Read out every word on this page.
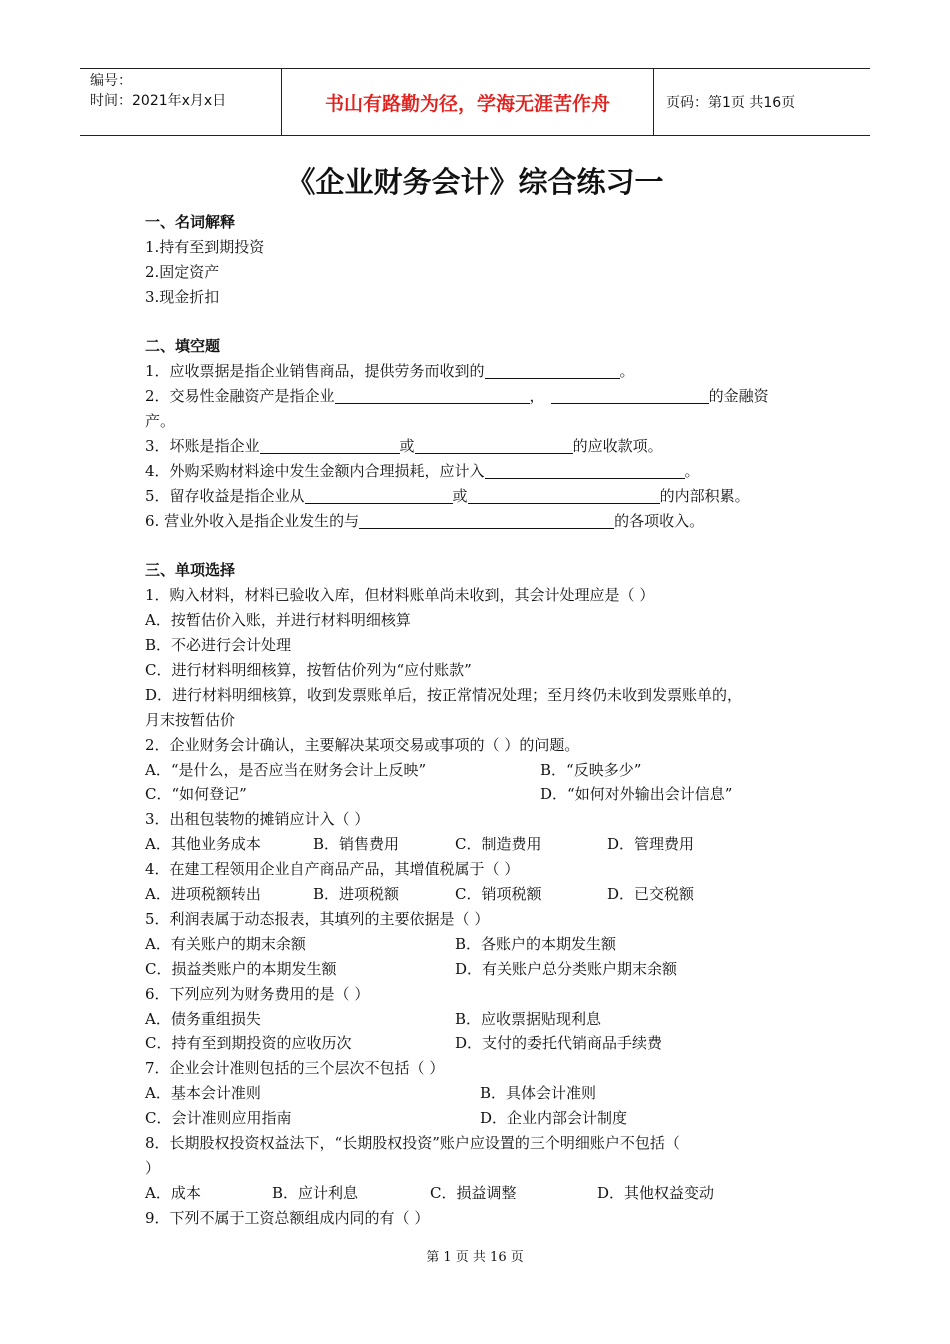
编号：
时间：2021年x月x日	书山有路勤为径，学海无涯苦作舟	页码：第1页 共16页
《企业财务会计》综合练习一
一、名词解释
1.持有至到期投资
2.固定资产
3.现金折扣
二、填空题
1．应收票据是指企业销售商品，提供劳务而收到的	。
2．交易性金融资产是指企业	，	的金融资
产。
3．坏账是指企业	或	的应收款项。
4．外购采购材料途中发生金额内合理损耗，应计入	。
5．留存收益是指企业从	或	的内部积累。
6. 营业外收入是指企业发生的与	的各项收入。
三、单项选择
1．购入材料，材料已验收入库，但材料账单尚未收到，其会计处理应是（ ）
A．按暂估价入账，并进行材料明细核算
B．不必进行会计处理
C．进行材料明细核算，按暂估价列为“应付账款”
D．进行材料明细核算，收到发票账单后，按正常情况处理；至月终仍未收到发票账单的，
月末按暂估价
2．企业财务会计确认，主要解决某项交易或事项的（ ）的问题。
A．“是什么，是否应当在财务会计上反映”	B．“反映多少”
C．“如何登记”	D．“如何对外输出会计信息”
3．出租包装物的摊销应计入（ ）
A．其他业务成本	B．销售费用	C．制造费用	D．管理费用
4．在建工程领用企业自产商品产品，其增值税属于（ ）
A．进项税额转出	B．进项税额	C．销项税额	D．已交税额
5．利润表属于动态报表，其填列的主要依据是（ ）
A．有关账户的期末余额	B．各账户的本期发生额
C．损益类账户的本期发生额	D．有关账户总分类账户期末余额
6．下列应列为财务费用的是（ ）
A．债务重组损失	B．应收票据贴现利息
C．持有至到期投资的应收历次	D．支付的委托代销商品手续费
7．企业会计准则包括的三个层次不包括（ ）
A．基本会计准则	B．具体会计准则
C．会计准则应用指南	D．企业内部会计制度
8．长期股权投资权益法下，“长期股权投资”账户应设置的三个明细账户不包括（
）
A．成本	B．应计利息	C．损益调整	D．其他权益变动
9．下列不属于工资总额组成内同的有（ ）
第 1 页 共 16 页
